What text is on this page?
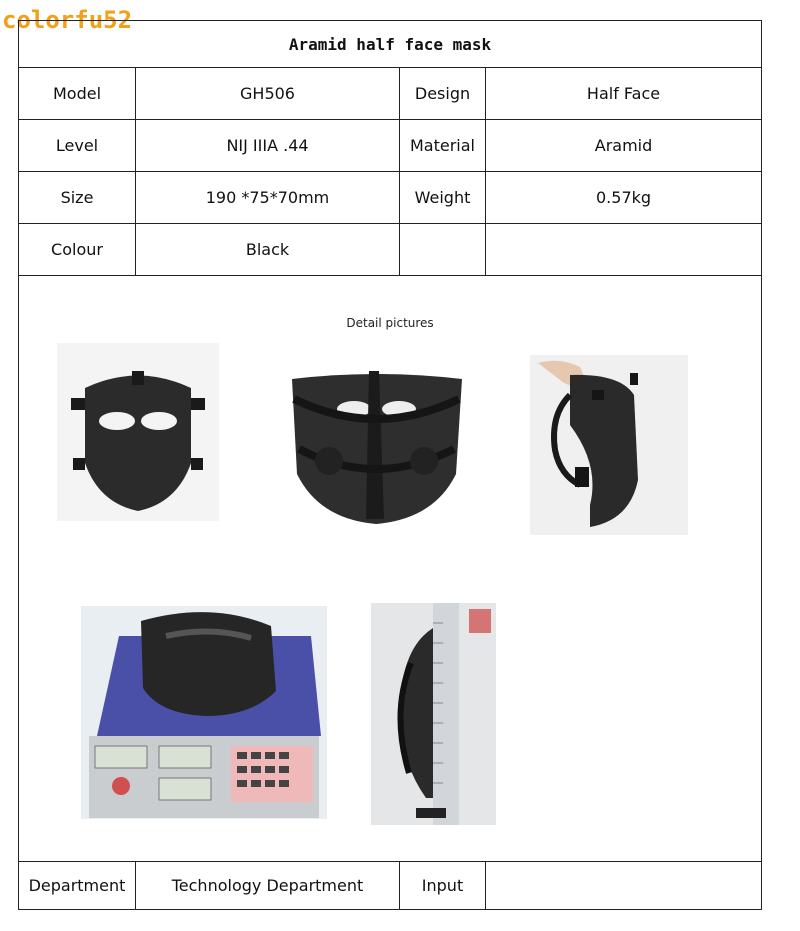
colorfu52
Aramid half face mask			
Model	GH506	Design	Half Face
Level	NIJ IIIA .44	Material	Aramid
Size	190 *75*70mm	Weight	0.57kg
Colour	Black		

Detail pictures			

Department	Technology Department	Input	
